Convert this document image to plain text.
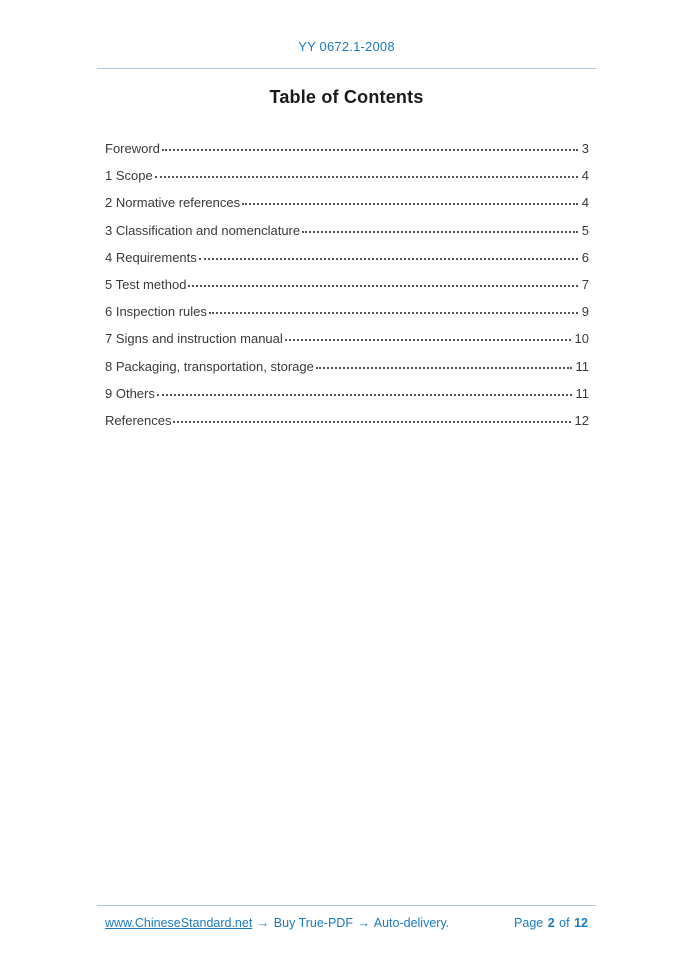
YY 0672.1-2008
Table of Contents
Foreword	3
1 Scope	4
2 Normative references	4
3 Classification and nomenclature	5
4 Requirements	6
5 Test method	7
6 Inspection rules	9
7 Signs and instruction manual	10
8 Packaging, transportation, storage	11
9 Others	11
References	12
www.ChineseStandard.net → Buy True-PDF → Auto-delivery.	Page 2 of 12
